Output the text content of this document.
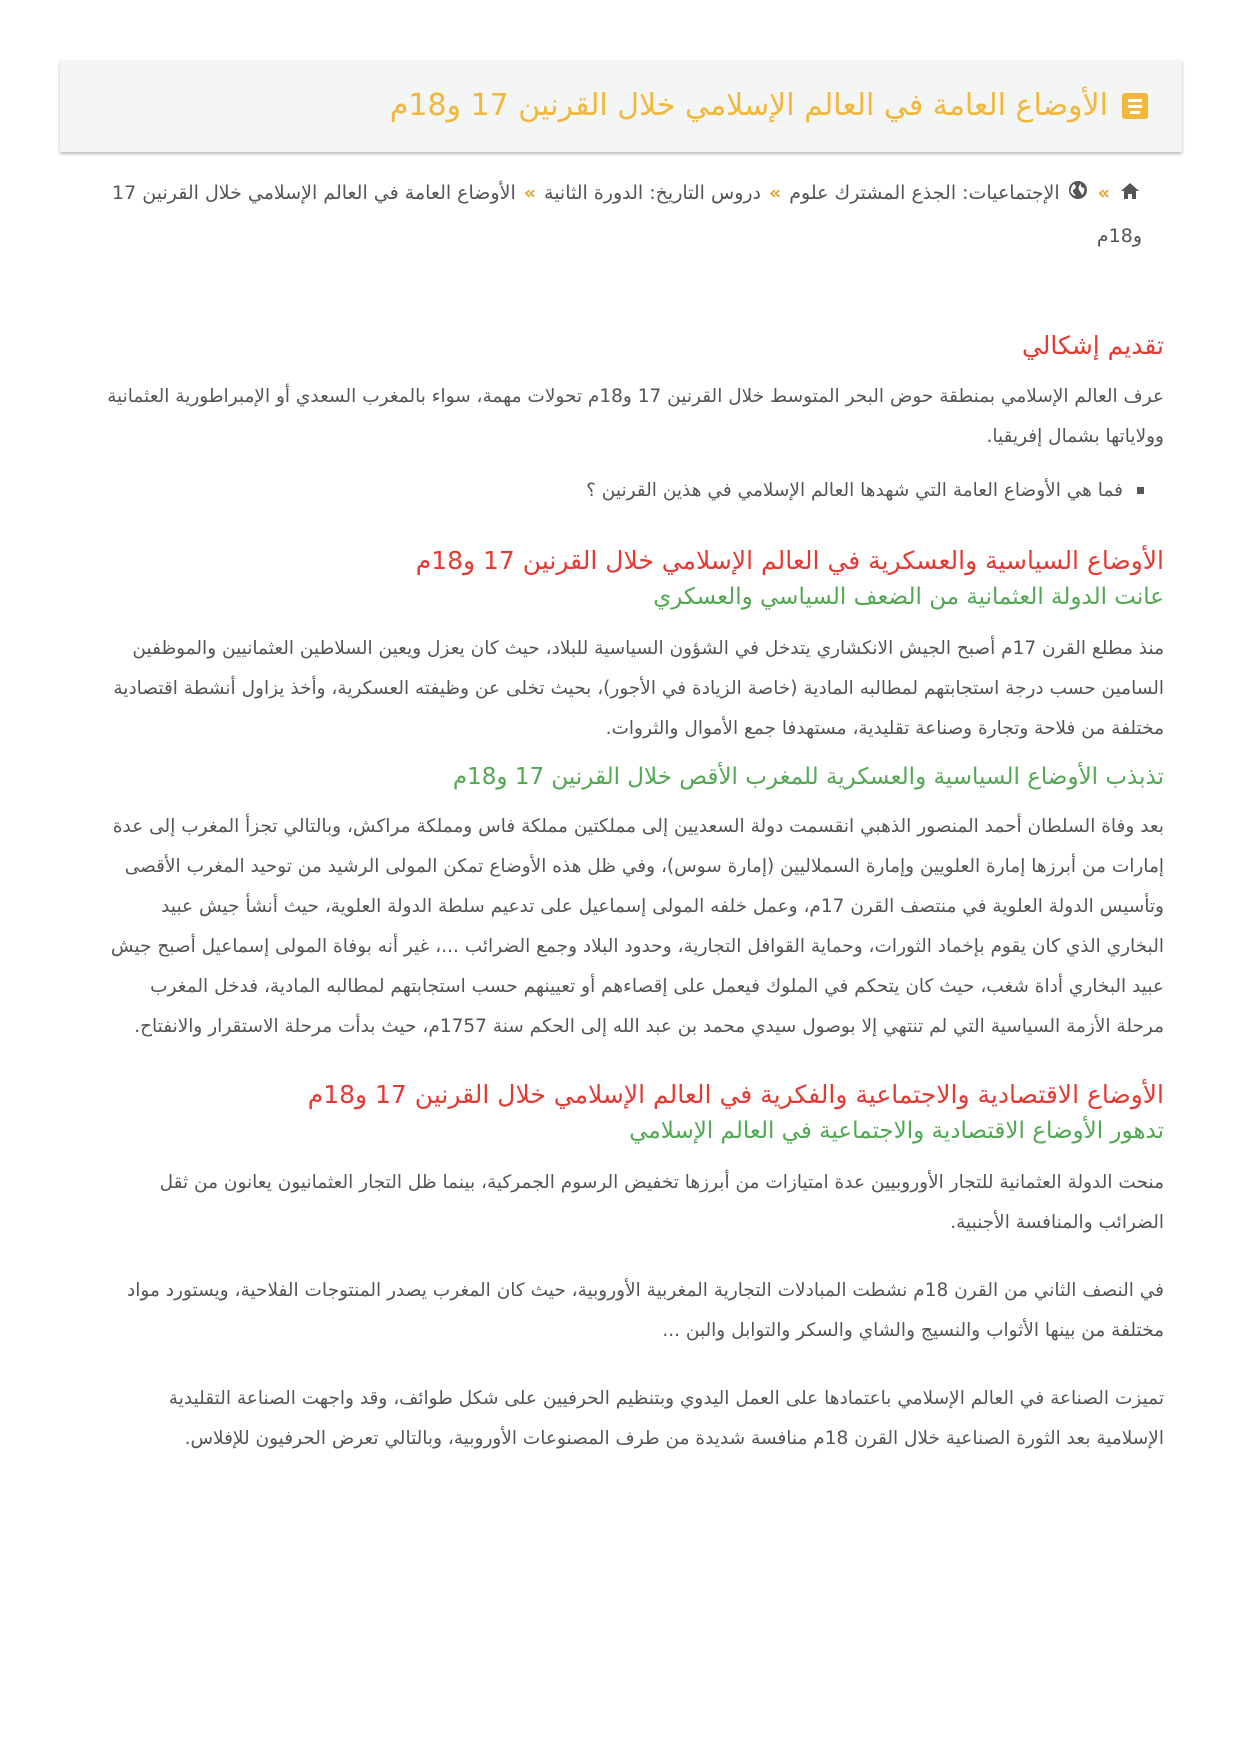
الأوضاع العامة في العالم الإسلامي خلال القرنين 17 و18م
» الإجتماعيات: الجذع المشترك علوم»دروس التاريخ: الدورة الثانية»الأوضاع العامة في العالم الإسلامي خلال القرنين 17 و18م
تقديم إشكالي

عرف العالم الإسلامي بمنطقة حوض البحر المتوسط خلال القرنين 17 و18م تحولات مهمة، سواء بالمغرب السعدي أو الإمبراطورية العثمانية وولاياتها بشمال إفريقيا.

فما هي الأوضاع العامة التي شهدها العالم الإسلامي في هذين القرنين ؟
الأوضاع السياسية والعسكرية في العالم الإسلامي خلال القرنين 17 و18م
عانت الدولة العثمانية من الضعف السياسي والعسكري

منذ مطلع القرن 17م أصبح الجيش الانكشاري يتدخل في الشؤون السياسية للبلاد، حيث كان يعزل ويعين السلاطين العثمانيين والموظفين السامين حسب درجة استجابتهم لمطالبه المادية (خاصة الزيادة في الأجور)، بحيث تخلى عن وظيفته العسكرية، وأخذ يزاول أنشطة اقتصادية مختلفة من فلاحة وتجارة وصناعة تقليدية، مستهدفا جمع الأموال والثروات.

تذبذب الأوضاع السياسية والعسكرية للمغرب الأقص خلال القرنين 17 و18م

بعد وفاة السلطان أحمد المنصور الذهبي انقسمت دولة السعديين إلى مملكتين مملكة فاس ومملكة مراكش، وبالتالي تجزأ المغرب إلى عدة إمارات من أبرزها إمارة العلويين وإمارة السملاليين (إمارة سوس)، وفي ظل هذه الأوضاع تمكن المولى الرشيد من توحيد المغرب الأقصى وتأسيس الدولة العلوية في منتصف القرن 17م، وعمل خلفه المولى إسماعيل على تدعيم سلطة الدولة العلوية، حيث أنشأ جيش عبيد البخاري الذي كان يقوم بإخماد الثورات، وحماية القوافل التجارية، وحدود البلاد وجمع الضرائب ...، غير أنه بوفاة المولى إسماعيل أصبح جيش عبيد البخاري أداة شغب، حيث كان يتحكم في الملوك فيعمل على إقصاءهم أو تعيينهم حسب استجابتهم لمطالبه المادية، فدخل المغرب مرحلة الأزمة السياسية التي لم تنتهي إلا بوصول سيدي محمد بن عبد الله إلى الحكم سنة 1757م، حيث بدأت مرحلة الاستقرار والانفتاح.

الأوضاع الاقتصادية والاجتماعية والفكرية في العالم الإسلامي خلال القرنين 17 و18م
تدهور الأوضاع الاقتصادية والاجتماعية في العالم الإسلامي

منحت الدولة العثمانية للتجار الأوروبيين عدة امتيازات من أبرزها تخفيض الرسوم الجمركية، بينما ظل التجار العثمانيون يعانون من ثقل الضرائب والمنافسة الأجنبية.

في النصف الثاني من القرن 18م نشطت المبادلات التجارية المغربية الأوروبية، حيث كان المغرب يصدر المنتوجات الفلاحية، ويستورد مواد مختلفة من بينها الأثواب والنسيج والشاي والسكر والتوابل والبن ...

تميزت الصناعة في العالم الإسلامي باعتمادها على العمل اليدوي وبتنظيم الحرفيين على شكل طوائف، وقد واجهت الصناعة التقليدية الإسلامية بعد الثورة الصناعية خلال القرن 18م منافسة شديدة من طرف المصنوعات الأوروبية، وبالتالي تعرض الحرفيون للإفلاس.
